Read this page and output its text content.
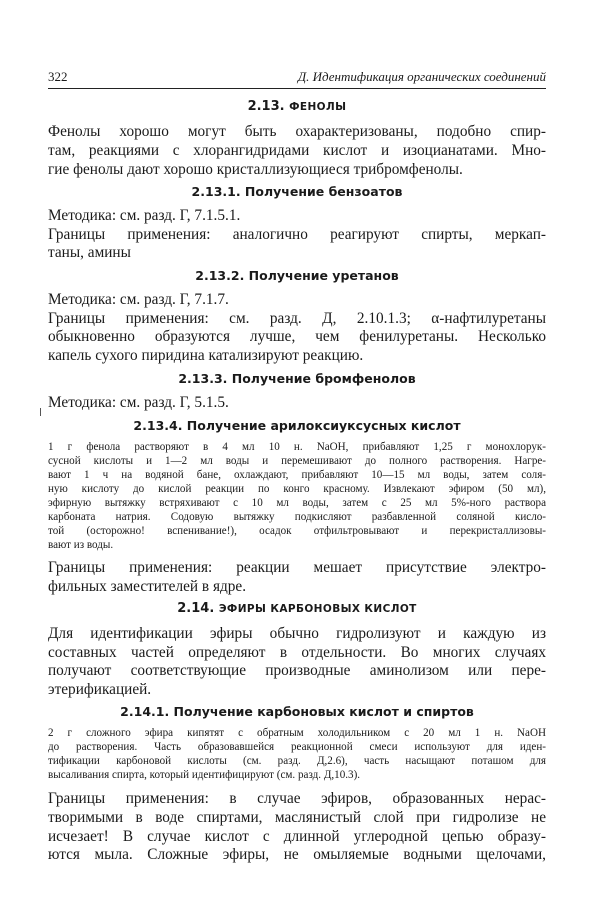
322	Д. Идентификация органических соединений
2.13. ФЕНОЛЫ
Фенолы хорошо могут быть охарактеризованы, подобно спир-
там, реакциями с хлорангидридами кислот и изоцианатами. Мно-
гие фенолы дают хорошо кристаллизующиеся трибромфенолы.
2.13.1. Получение бензоатов
Методика: см. разд. Г, 7.1.5.1.
Границы применения: аналогично реагируют спирты, меркап-
таны, амины
2.13.2. Получение уретанов
Методика: см. разд. Г, 7.1.7.
Границы применения: см. разд. Д, 2.10.1.3; α-нафтилуретаны
обыкновенно образуются лучше, чем фенилуретаны. Несколько
капель сухого пиридина катализируют реакцию.
2.13.3. Получение бромфенолов
Методика: см. разд. Г, 5.1.5.
2.13.4. Получение арилоксиуксусных кислот
1 г фенола растворяют в 4 мл 10 н. NaOH, прибавляют 1,25 г монохлорук-
сусной кислоты и 1—2 мл воды и перемешивают до полного растворения. Нагре-
вают 1 ч на водяной бане, охлаждают, прибавляют 10—15 мл воды, затем соля-
ную кислоту до кислой реакции по конго красному. Извлекают эфиром (50 мл),
эфирную вытяжку встряхивают с 10 мл воды, затем с 25 мл 5%-ного раствора
карбоната натрия. Содовую вытяжку подкисляют разбавленной соляной кисло-
той (осторожно! вспенивание!), осадок отфильтровывают и перекристаллизовы-
вают из воды.
Границы применения: реакции мешает присутствие электро-
фильных заместителей в ядре.
2.14. ЭФИРЫ КАРБОНОВЫХ КИСЛОТ
Для идентификации эфиры обычно гидролизуют и каждую из
составных частей определяют в отдельности. Во многих случаях
получают соответствующие производные аминолизом или пере-
этерификацией.
2.14.1. Получение карбоновых кислот и спиртов
2 г сложного эфира кипятят с обратным холодильником с 20 мл 1 н. NaOH
до растворения. Часть образовавшейся реакционной смеси используют для иден-
тификации карбоновой кислоты (см. разд. Д,2.6), часть насыщают поташом для
высаливания спирта, который идентифицируют (см. разд. Д,10.3).
Границы применения: в случае эфиров, образованных нерас-
творимыми в воде спиртами, маслянистый слой при гидролизе не
исчезает! В случае кислот с длинной углеродной цепью образу-
ются мыла. Сложные эфиры, не омыляемые водными щелочами,
